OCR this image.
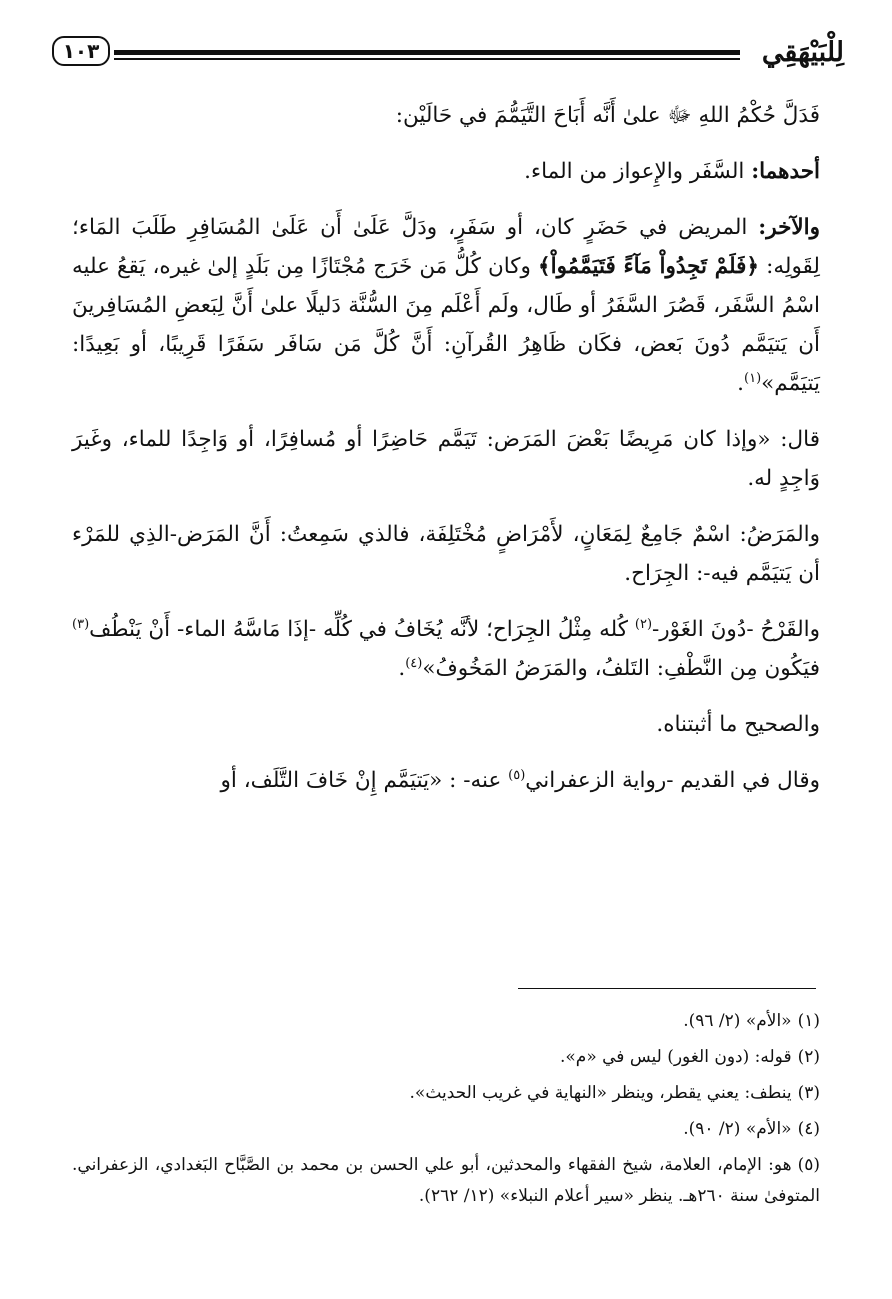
لِلْبَيْهَقِي
١٠٣

فَدَلَّ حُكْمُ اللهِ ﷻ علىٰ أَنَّه أَبَاحَ التَّيَمُّمَ في حَالَيْن:

أحدهما: السَّفَر والإِعواز من الماء.

والآخر: المريض في حَضَرٍ كان، أو سَفَرٍ، ودَلَّ عَلَىٰ أَن عَلَىٰ المُسَافِرِ طَلَبَ المَاء؛ لِقَولِه: ﴿فَلَمْ تَجِدُواْ مَآءً فَتَيَمَّمُواْ﴾ وكان كُلُّ مَن خَرَج مُجْتَازًا مِن بَلَدٍ إلىٰ غيره، يَقعُ عليه اسْمُ السَّفَر، قَصُرَ السَّفَرُ أو طَال، ولَم أَعْلَم مِنَ السُّنَّة دَليلًا علىٰ أَنَّ لِبَعضِ المُسَافِرينَ أَن يَتيَمَّم دُونَ بَعض، فكَان ظَاهِرُ القُرآنِ: أَنَّ كُلَّ مَن سَافَر سَفَرًا قَرِيبًا، أو بَعِيدًا: يَتيَمَّم»$^{(١)}$.

قال: «وإذا كان مَرِيضًا بَعْضَ المَرَض: تَيَمَّم حَاضِرًا أو مُسافِرًا، أو وَاجِدًا للماء، وغَيرَ وَاجِدٍ له.

والمَرَضُ: اسْمٌ جَامِعٌ لِمَعَانٍ، لأَمْرَاضٍ مُخْتَلِفَة، فالذي سَمِعتُ: أَنَّ المَرَض-الذِي للمَرْء أن يَتيَمَّم فيه-: الجِرَاح.

والقَرْحُ -دُونَ الغَوْر-$^{(٢)}$ كُله مِثْلُ الجِرَاح؛ لأنَّه يُخَافُ في كُلِّه -إذَا مَاسَّهُ الماء- أَنْ يَنْطُف$^{(٣)}$ فيَكُون مِن النَّطْفِ: التَلفُ، والمَرَضُ المَخُوفُ»$^{(٤)}$.

والصحيح ما أثبتناه.

وقال في القديم -رواية الزعفراني$^{(٥)}$ عنه- : «يَتيَمَّم إِنْ خَافَ التَّلَف، أو

(١)«الأم» (٢/ ٩٦).

(٢)قوله: (دون الغور) ليس في «م».

(٣)ينطف: يعني يقطر، وينظر «النهاية في غريب الحديث».

(٤)«الأم» (٢/ ٩٠).

(٥)هو: الإمام، العلامة، شيخ الفقهاء والمحدثين، أبو علي الحسن بن محمد بن الصَّبَّاح البَغدادي، الزعفراني. المتوفىٰ سنة ٢٦٠هـ. ينظر «سير أعلام النبلاء» (١٢/ ٢٦٢).
